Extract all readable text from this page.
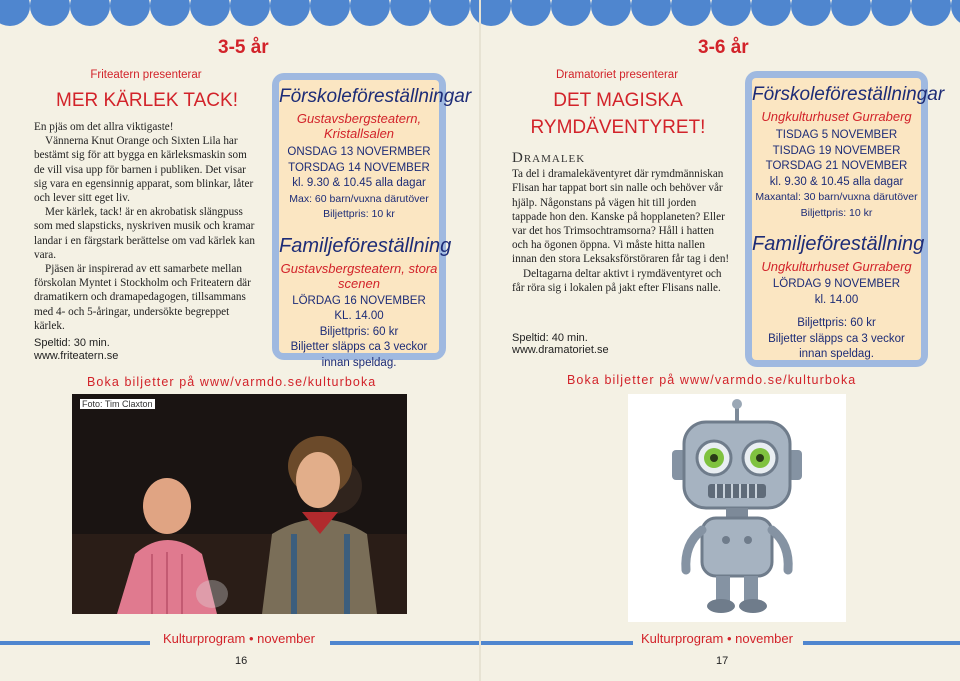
3-5 år
Friteatern presenterar
MER KÄRLEK TACK!

En pjäs om det allra viktigaste!

Vännerna Knut Orange och Sixten Lila har bestämt sig för att bygga en kärleksmaskin som de vill visa upp för barnen i publiken. Det visar sig vara en egensinnig apparat, som blinkar, låter och lever sitt eget liv.

Mer kärlek, tack! är en akrobatisk slängpuss som med slapsticks, nyskriven musik och kramar landar i en färgstark berättelse om vad kärlek kan vara.

Pjäsen är inspirerad av ett samarbete mellan förskolan Myntet i Stockholm och Friteatern där dramatikern och dramapedagogen, tillsammans med 4- och 5-åringar, undersökte begreppet kärlek.

Speltid: 30 min.
www.friteatern.se
Förskoleföreställningar
Gustavsbergsteatern, Kristallsalen
ONSDAG 13 NOVERMBER
TORSDAG 14 NOVEMBER
kl. 9.30 & 10.45 alla dagar
Max: 60 barn/vuxna därutöver
Biljettpris: 10 kr
Familjeföreställning
Gustavsbergsteatern, stora scenen
LÖRDAG 16 NOVEMBER
KL. 14.00
Biljettpris: 60 kr
Biljetter släpps ca 3 veckor
innan speldag.
Boka biljetter på www/varmdo.se/kulturboka
Foto: Tim Claxton
Kulturprogram • november
16
3-6 år
Dramatoriet presenterar
DET MAGISKA
RYMDÄVENTYRET!
Dramalek

Ta del i dramalekäventyret där rymdmänniskan Flisan har tappat bort sin nalle och behöver vår hjälp. Någonstans på vägen hit till jorden tappade hon den. Kanske på hopplaneten? Eller var det hos Trimsochtramsorna? Håll i hatten och ha ögonen öppna. Vi måste hitta nallen innan den stora Leksaksförstöraren får tag i den!

Deltagarna deltar aktivt i rymdäventyret och får röra sig i lokalen på jakt efter Flisans nalle.

Speltid: 40 min.
www.dramatoriet.se
Förskoleföreställningar
Ungkulturhuset Gurraberg
TISDAG 5 NOVEMBER
TISDAG 19 NOVEMBER
TORSDAG 21 NOVEMBER
kl. 9.30 & 10.45 alla dagar
Maxantal: 30 barn/vuxna därutöver
Biljettpris: 10 kr
Familjeföreställning
Ungkulturhuset Gurraberg
LÖRDAG 9 NOVEMBER
kl. 14.00
Biljettpris: 60 kr
Biljetter släpps ca 3 veckor
innan speldag.
Boka biljetter på www/varmdo.se/kulturboka
Kulturprogram • november
17
